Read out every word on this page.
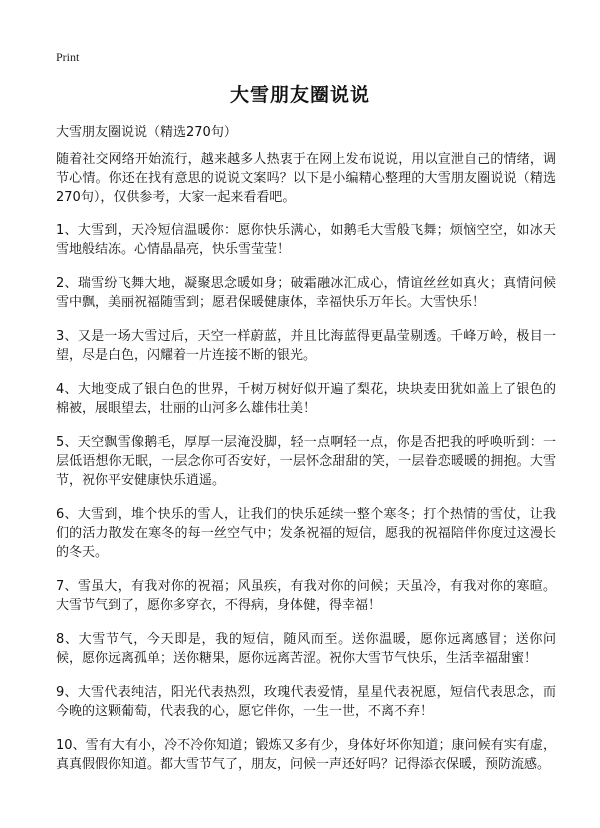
Print
大雪朋友圈说说
大雪朋友圈说说（精选270句）

随着社交网络开始流行，越来越多人热衷于在网上发布说说，用以宣泄自己的情绪，调节心情。你还在找有意思的说说文案吗？以下是小编精心整理的大雪朋友圈说说（精选270句），仅供参考，大家一起来看看吧。

1、大雪到，天冷短信温暖你：愿你快乐满心，如鹅毛大雪般飞舞；烦恼空空，如冰天雪地般结冻。心情晶晶亮，快乐雪莹莹！

2、瑞雪纷飞舞大地，凝聚思念暖如身；破霜融冰汇成心，情谊丝丝如真火；真情问候雪中飘，美丽祝福随雪到；愿君保暖健康体，幸福快乐万年长。大雪快乐！

3、又是一场大雪过后，天空一样蔚蓝，并且比海蓝得更晶莹剔透。千峰万岭，极目一望，尽是白色，闪耀着一片连接不断的银光。

4、大地变成了银白色的世界，千树万树好似开遍了梨花，块块麦田犹如盖上了银色的棉被，展眼望去，壮丽的山河多么雄伟壮美！

5、天空飘雪像鹅毛，厚厚一层淹没脚，轻一点啊轻一点，你是否把我的呼唤听到：一层低语想你无眠，一层念你可否安好，一层怀念甜甜的笑，一层眷恋暖暖的拥抱。大雪节，祝你平安健康快乐逍遥。

6、大雪到，堆个快乐的雪人，让我们的快乐延续一整个寒冬；打个热情的雪仗，让我们的活力散发在寒冬的每一丝空气中；发条祝福的短信，愿我的祝福陪伴你度过这漫长的冬天。

7、雪虽大，有我对你的祝福；风虽疾，有我对你的问候；天虽冷，有我对你的寒暄。大雪节气到了，愿你多穿衣，不得病，身体健，得幸福！

8、大雪节气，今天即是，我的短信，随风而至。送你温暖，愿你远离感冒；送你问候，愿你远离孤单；送你糖果，愿你远离苦涩。祝你大雪节气快乐，生活幸福甜蜜！

9、大雪代表纯洁，阳光代表热烈，玫瑰代表爱情，星星代表祝愿，短信代表思念，而今晚的这颗葡萄，代表我的心，愿它伴你，一生一世，不离不弃！

10、雪有大有小，冷不冷你知道；锻炼又多有少，身体好坏你知道；康问候有实有虚，真真假假你知道。都大雪节气了，朋友，问候一声还好吗？记得添衣保暖，预防流感。
